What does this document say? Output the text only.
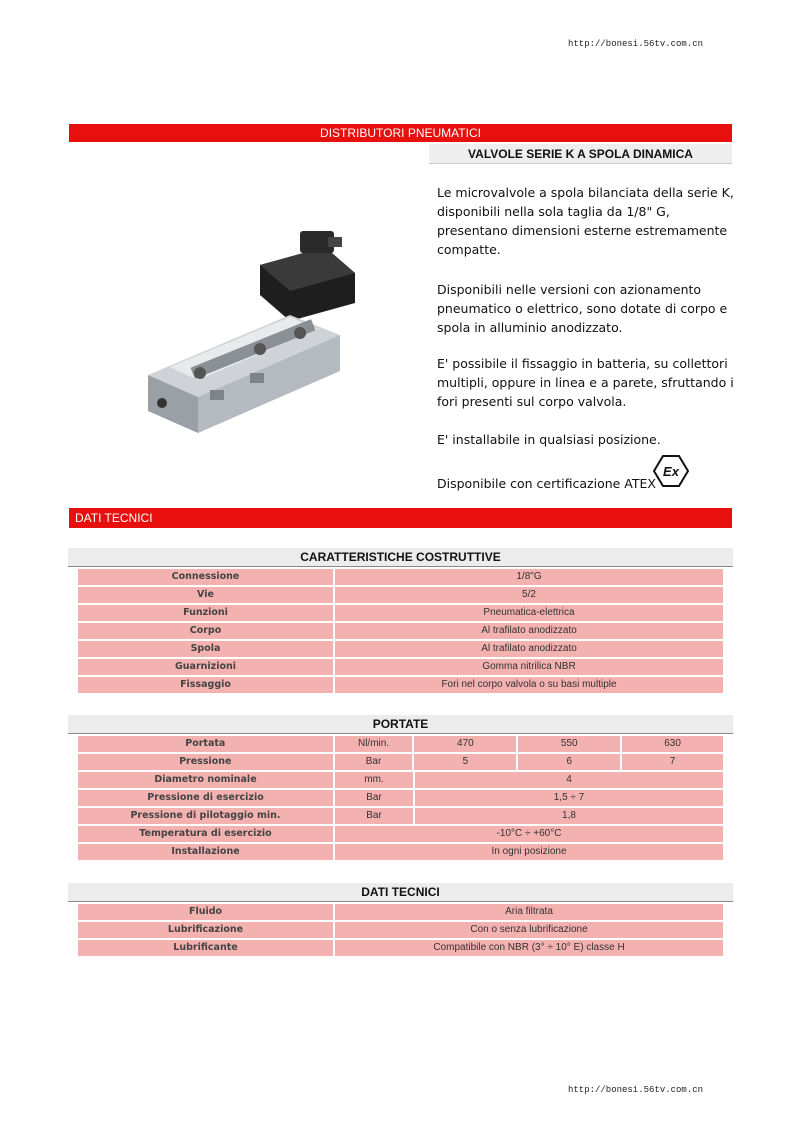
http://bonesi.56tv.com.cn
DISTRIBUTORI PNEUMATICI
VALVOLE SERIE K A SPOLA DINAMICA

Le microvalvole a spola bilanciata della serie K, disponibili nella sola taglia da 1/8" G, presentano dimensioni esterne estremamente compatte.

Disponibili nelle versioni con azionamento pneumatico o elettrico, sono dotate di corpo e spola in alluminio anodizzato.

E' possibile il fissaggio in batteria, su collettori multipli, oppure in linea e a parete, sfruttando i fori presenti sul corpo valvola.

E' installabile in qualsiasi posizione.

Disponibile con certificazione ATEX

Ex
DATI TECNICI
CARATTERISTICHE COSTRUTTIVE
Connessione	1/8"G
Vie	5/2
Funzioni	Pneumatica-elettrica
Corpo	Al trafilato anodizzato
Spola	Al trafilato anodizzato
Guarnizioni	Gomma nitrilica NBR
Fissaggio	Fori nel corpo valvola o su basi multiple
PORTATE
Portata	Nl/min.	470	550	630
Pressione	Bar	5	6	7
Diametro nominale	mm.	4
Pressione di esercizio	Bar	1,5 ÷ 7
Pressione di pilotaggio min.	Bar	1,8
Temperatura di esercizio	-10°C ÷ +60°C
Installazione	In ogni posizione
DATI TECNICI
Fluido	Aria filtrata
Lubrificazione	Con o senza lubrificazione
Lubrificante	Compatibile con NBR (3° ÷ 10° E) classe H
http://bonesi.56tv.com.cn
